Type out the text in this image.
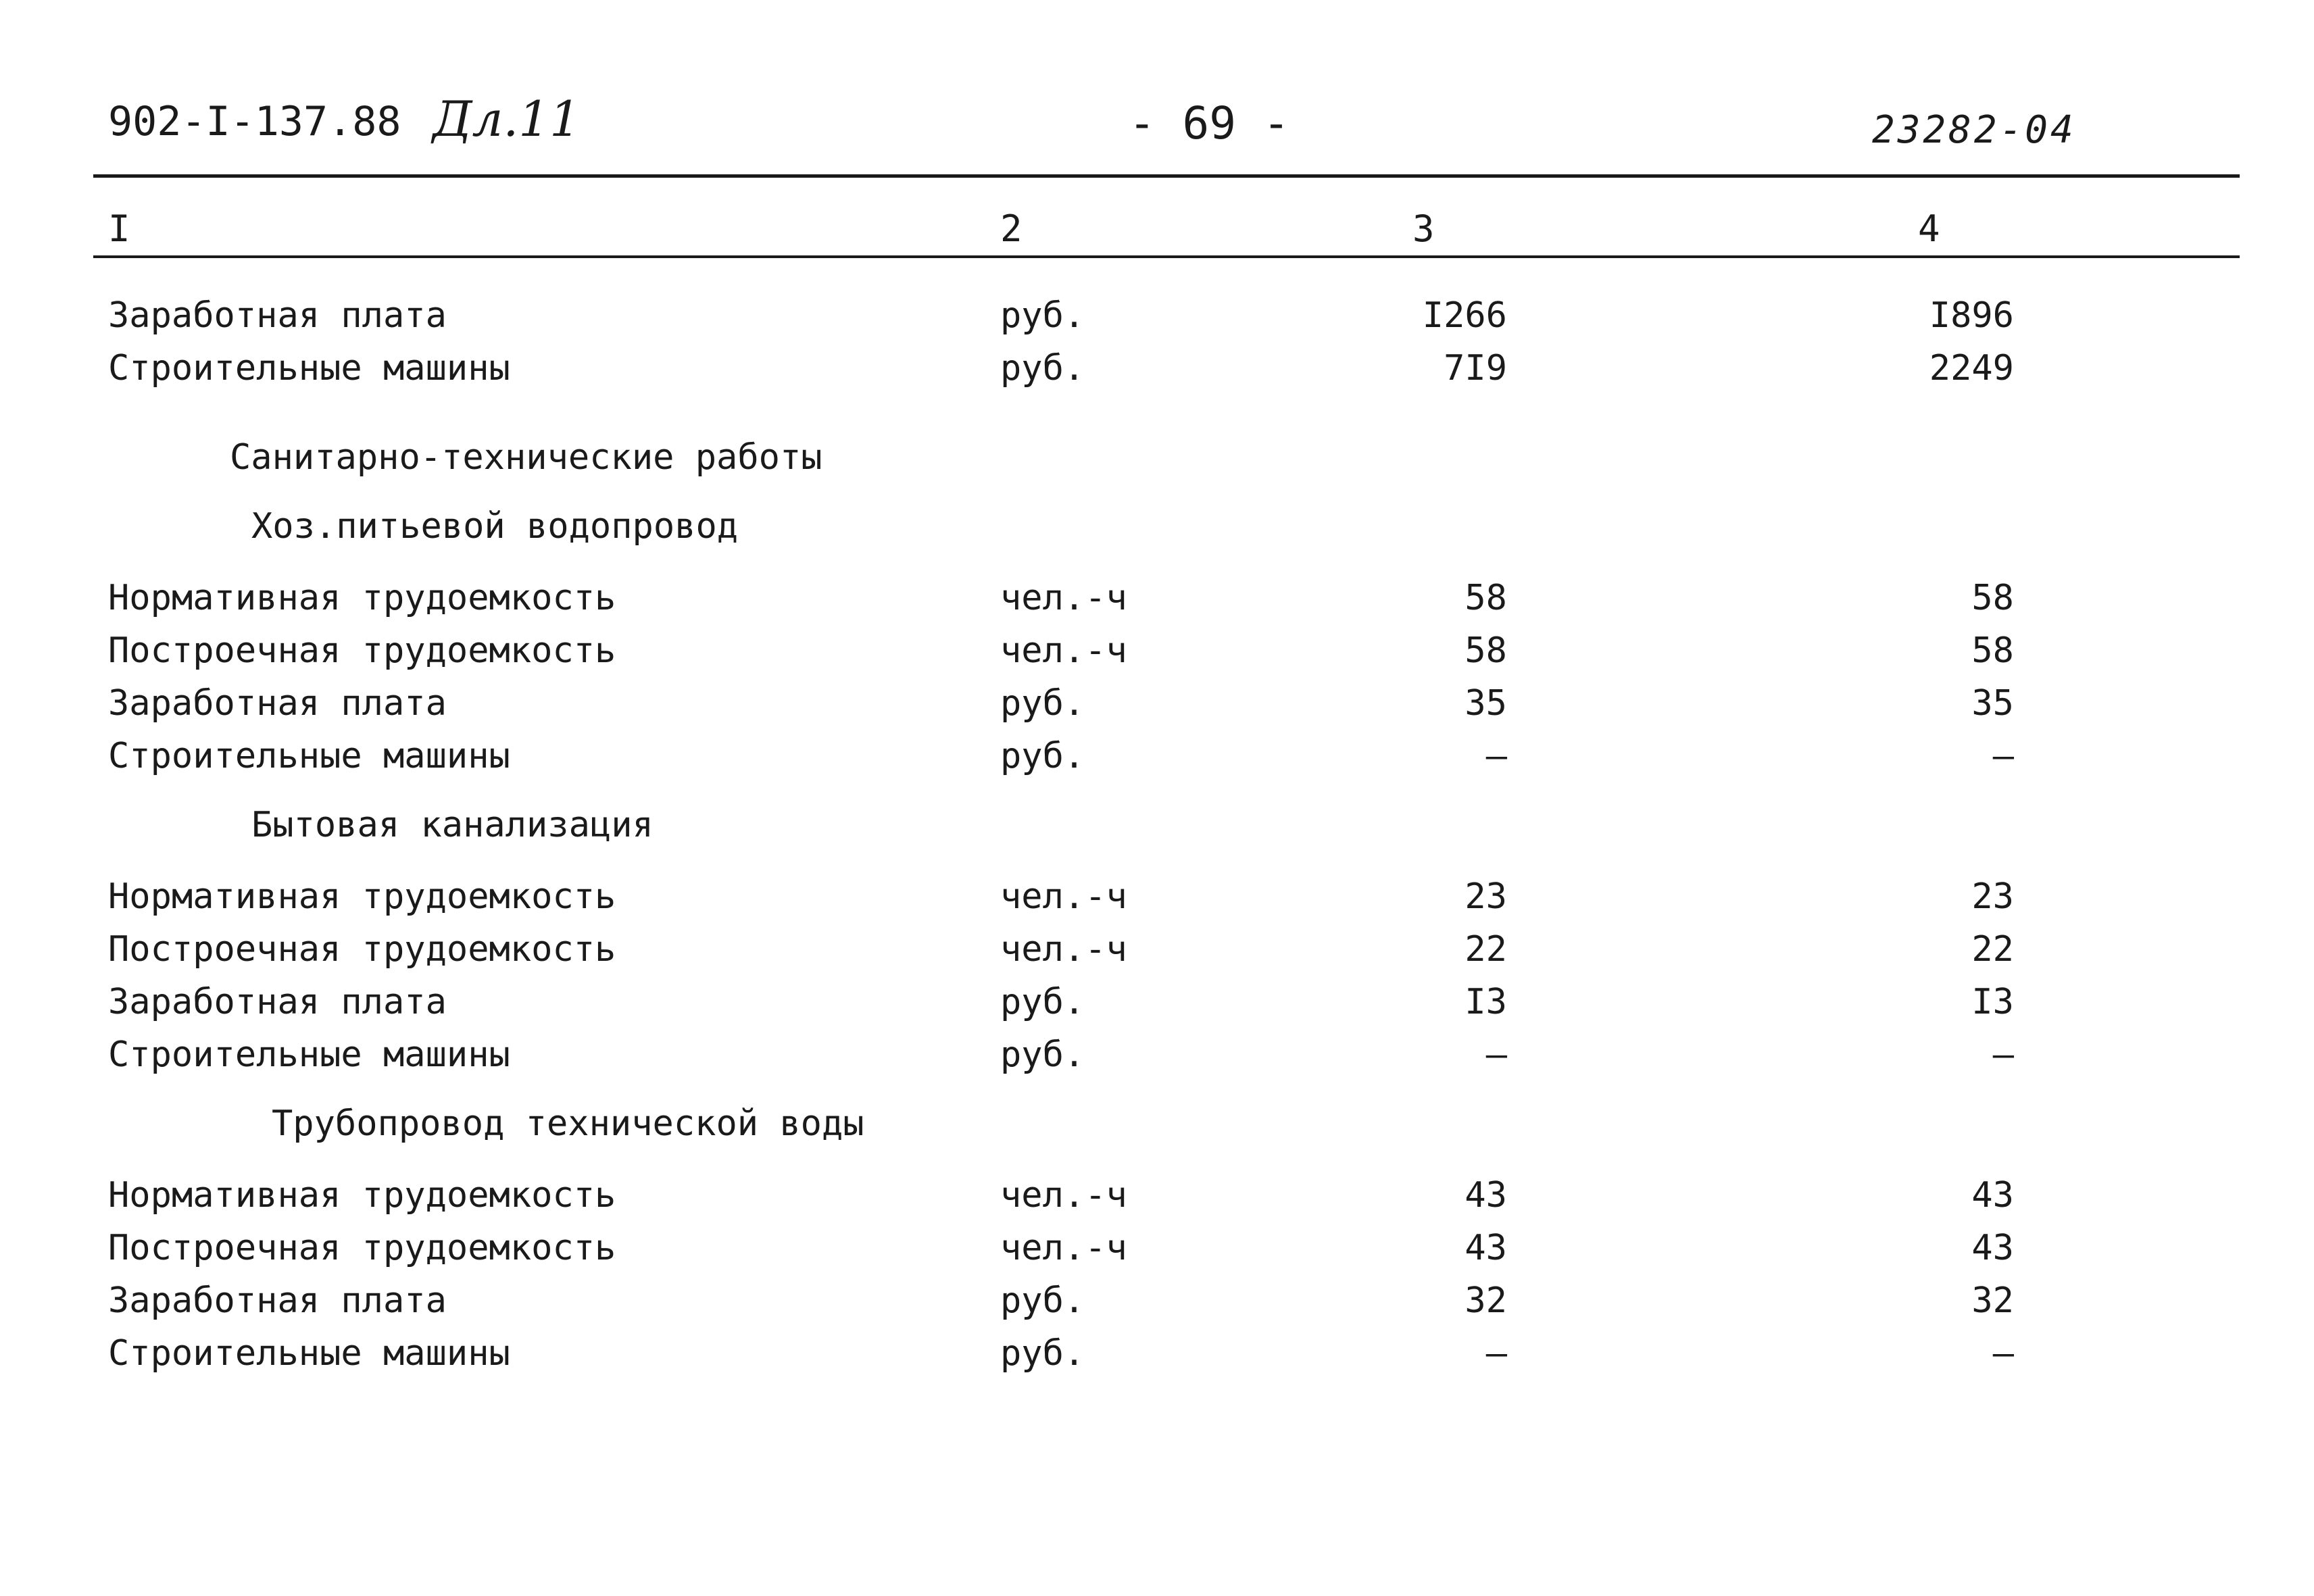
902-I-137.88 Дл.11	- 69 -	23282-04
I	2	3	4
Заработная плата	руб.	I266	I896
Строительные машины	руб.	7I9	2249
Санитарно-технические работы
Хоз.питьевой водопровод
Нормативная трудоемкость	чел.-ч	58	58
Построечная трудоемкость	чел.-ч	58	58
Заработная плата	руб.	35	35
Строительные машины	руб.	–	–
Бытовая канализация
Нормативная трудоемкость	чел.-ч	23	23
Построечная трудоемкость	чел.-ч	22	22
Заработная плата	руб.	I3	I3
Строительные машины	руб.	–	–
Трубопровод технической воды
Нормативная трудоемкость	чел.-ч	43	43
Построечная трудоемкость	чел.-ч	43	43
Заработная плата	руб.	32	32
Строительные машины	руб.	–	–
